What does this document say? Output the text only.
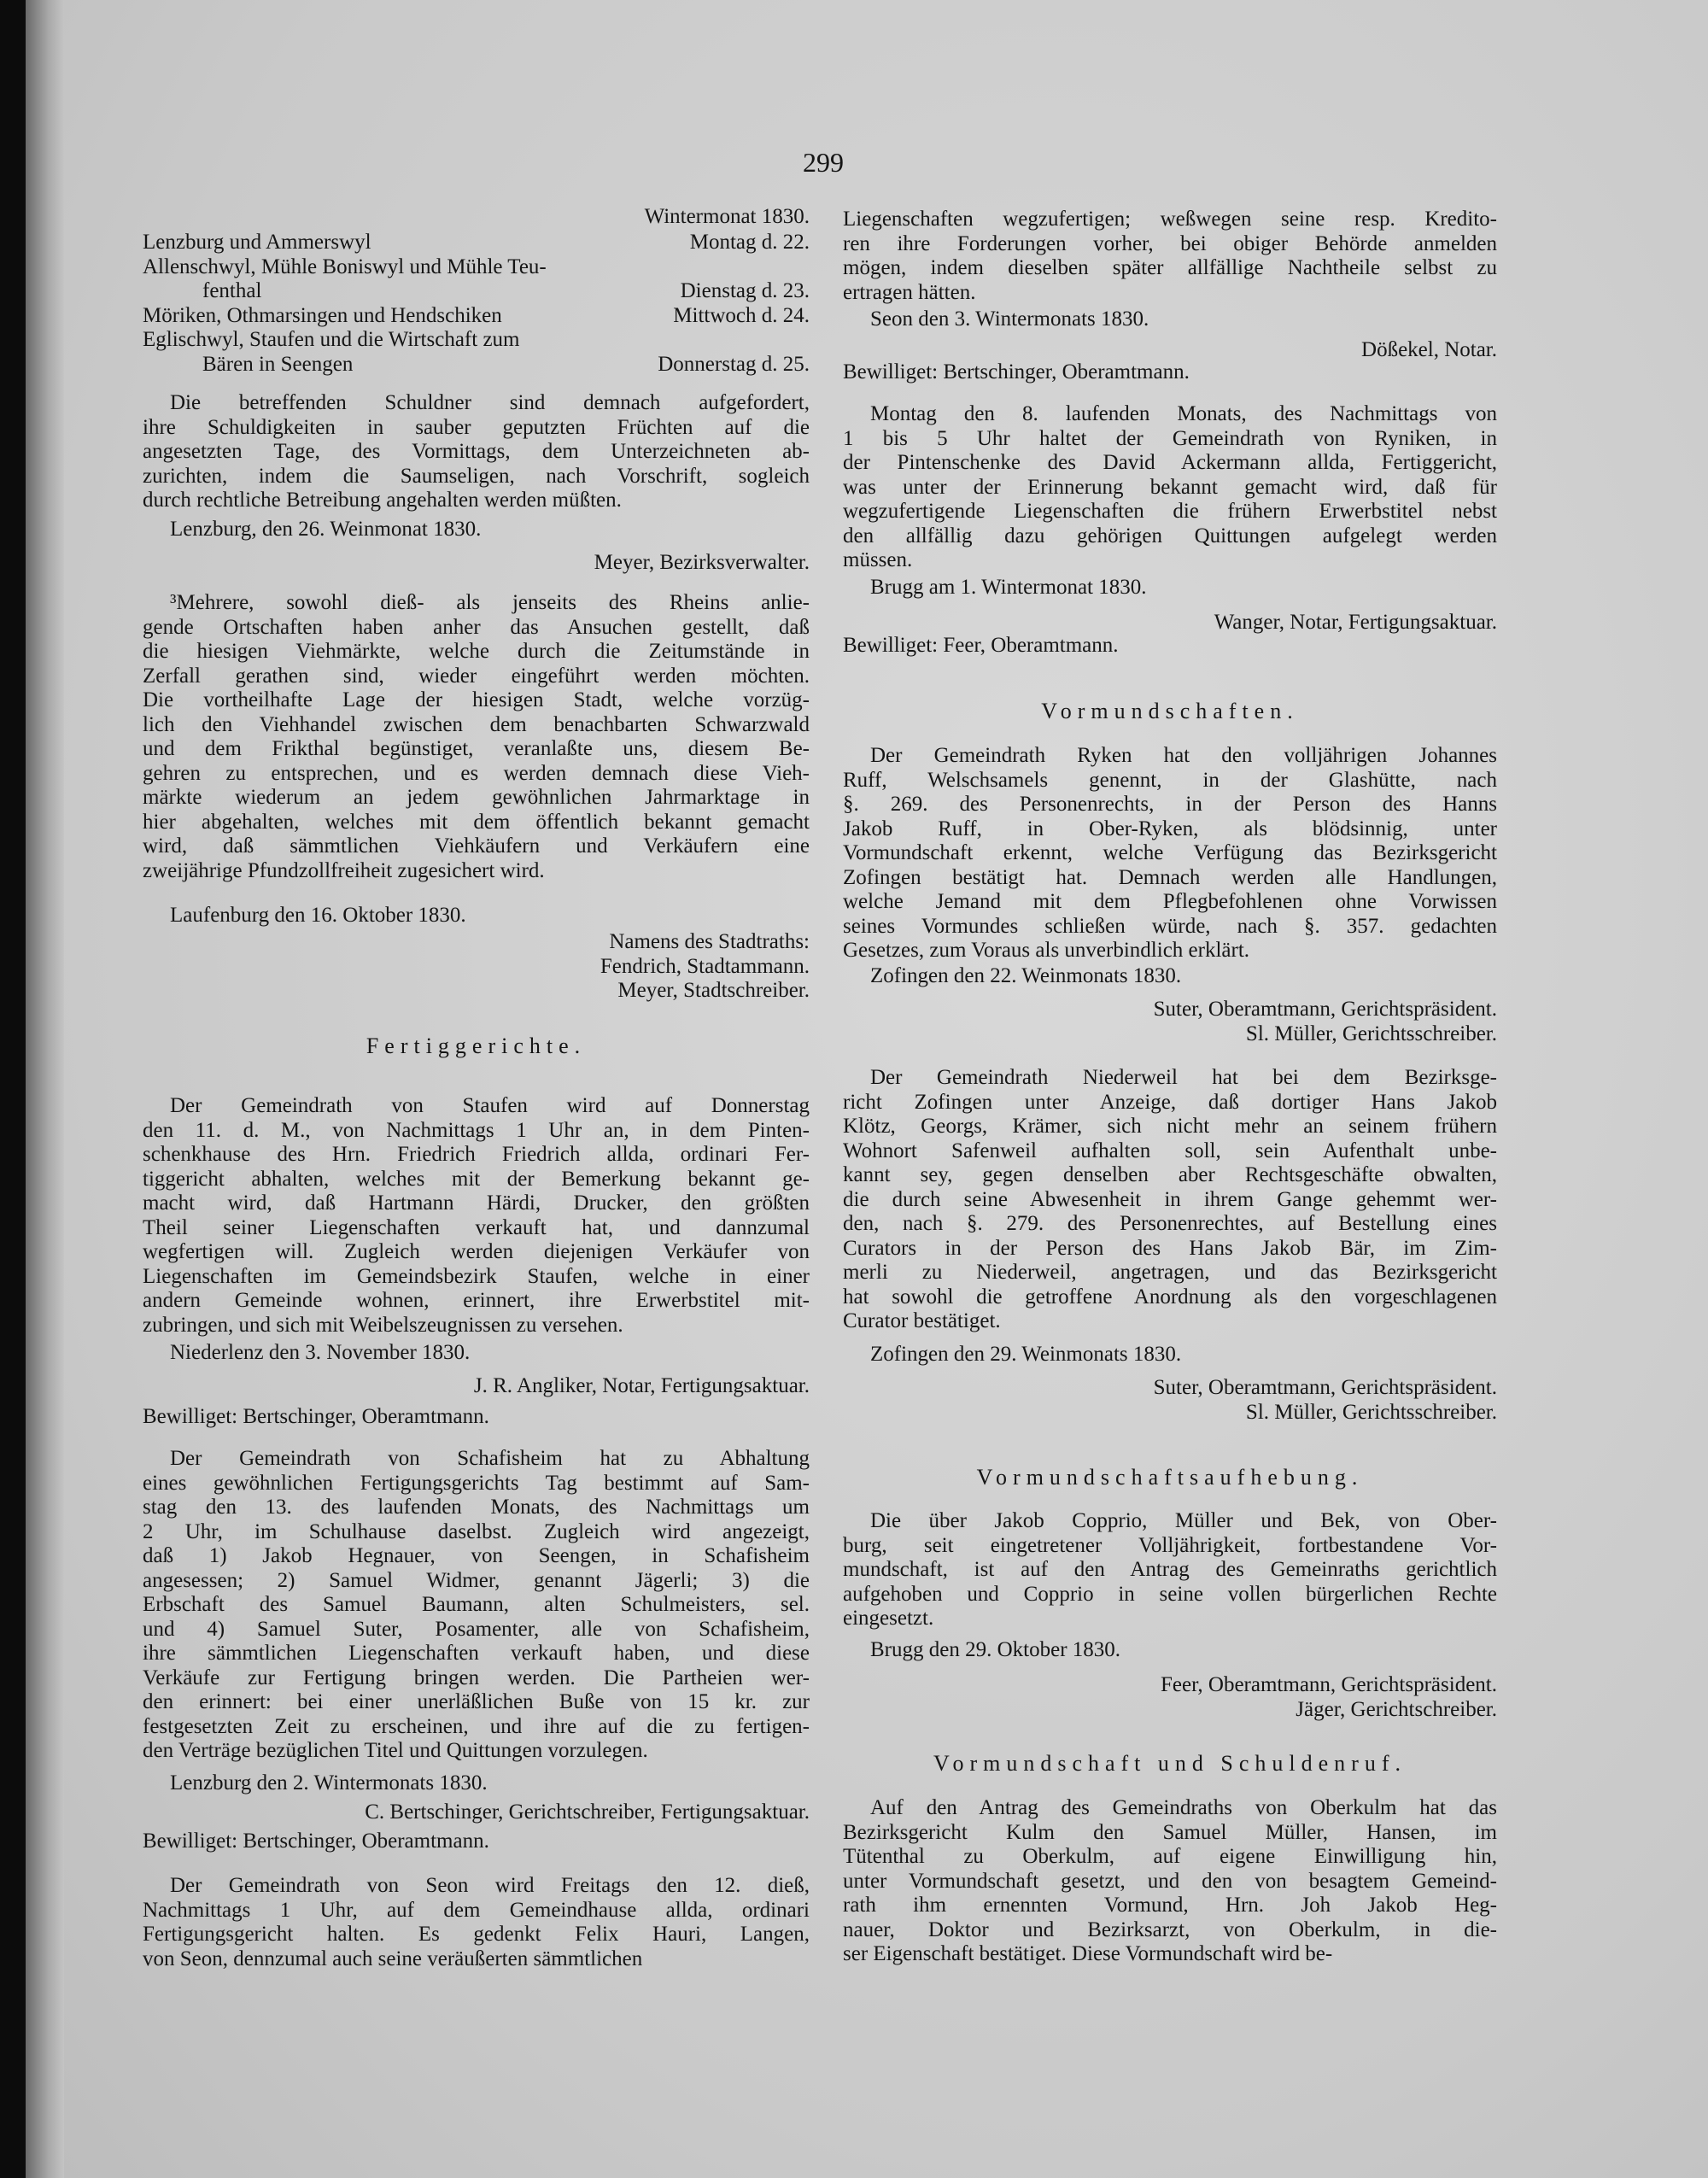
299
Wintermonat 1830.
Lenzburg und Ammerswyl	Montag d. 22.
Allenschwyl, Mühle Boniswyl und Mühle Teu-
fenthal	Dienstag d. 23.
Möriken, Othmarsingen und Hendschiken	Mittwoch d. 24.
Eglischwyl, Staufen und die Wirtschaft zum
Bären in Seengen	Donnerstag d. 25.
Die betreffenden Schuldner sind demnach aufgefordert,
ihre Schuldigkeiten in sauber geputzten Früchten auf die
angesetzten Tage, des Vormittags, dem Unterzeichneten ab-
zurichten, indem die Saumseligen, nach Vorschrift, sogleich
durch rechtliche Betreibung angehalten werden müßten.
Lenzburg, den 26. Weinmonat 1830.
Meyer, Bezirksverwalter.
³Mehrere, sowohl dieß- als jenseits des Rheins anlie-
gende Ortschaften haben anher das Ansuchen gestellt, daß
die hiesigen Viehmärkte, welche durch die Zeitumstände in
Zerfall gerathen sind, wieder eingeführt werden möchten.
Die vortheilhafte Lage der hiesigen Stadt, welche vorzüg-
lich den Viehhandel zwischen dem benachbarten Schwarzwald
und dem Frikthal begünstiget, veranlaßte uns, diesem Be-
gehren zu entsprechen, und es werden demnach diese Vieh-
märkte wiederum an jedem gewöhnlichen Jahrmarktage in
hier abgehalten, welches mit dem öffentlich bekannt gemacht
wird, daß sämmtlichen Viehkäufern und Verkäufern eine
zweijährige Pfundzollfreiheit zugesichert wird.
Laufenburg den 16. Oktober 1830.
Namens des Stadtraths:
Fendrich, Stadtammann.
Meyer, Stadtschreiber.
Fertiggerichte.
Der Gemeindrath von Staufen wird auf Donnerstag
den 11. d. M., von Nachmittags 1 Uhr an, in dem Pinten-
schenkhause des Hrn. Friedrich Friedrich allda, ordinari Fer-
tiggericht abhalten, welches mit der Bemerkung bekannt ge-
macht wird, daß Hartmann Härdi, Drucker, den größten
Theil seiner Liegenschaften verkauft hat, und dannzumal
wegfertigen will. Zugleich werden diejenigen Verkäufer von
Liegenschaften im Gemeindsbezirk Staufen, welche in einer
andern Gemeinde wohnen, erinnert, ihre Erwerbstitel mit-
zubringen, und sich mit Weibelszeugnissen zu versehen.
Niederlenz den 3. November 1830.
J. R. Angliker, Notar, Fertigungsaktuar.
Bewilliget: Bertschinger, Oberamtmann.
Der Gemeindrath von Schafisheim hat zu Abhaltung
eines gewöhnlichen Fertigungsgerichts Tag bestimmt auf Sam-
stag den 13. des laufenden Monats, des Nachmittags um
2 Uhr, im Schulhause daselbst. Zugleich wird angezeigt,
daß 1) Jakob Hegnauer, von Seengen, in Schafisheim
angesessen; 2) Samuel Widmer, genannt Jägerli; 3) die
Erbschaft des Samuel Baumann, alten Schulmeisters, sel.
und 4) Samuel Suter, Posamenter, alle von Schafisheim,
ihre sämmtlichen Liegenschaften verkauft haben, und diese
Verkäufe zur Fertigung bringen werden. Die Partheien wer-
den erinnert: bei einer unerläßlichen Buße von 15 kr. zur
festgesetzten Zeit zu erscheinen, und ihre auf die zu fertigen-
den Verträge bezüglichen Titel und Quittungen vorzulegen.
Lenzburg den 2. Wintermonats 1830.
C. Bertschinger, Gerichtschreiber, Fertigungsaktuar.
Bewilliget: Bertschinger, Oberamtmann.
Der Gemeindrath von Seon wird Freitags den 12. dieß,
Nachmittags 1 Uhr, auf dem Gemeindhause allda, ordinari
Fertigungsgericht halten. Es gedenkt Felix Hauri, Langen,
von Seon, dennzumal auch seine veräußerten sämmtlichen
Liegenschaften wegzufertigen; weßwegen seine resp. Kredito-
ren ihre Forderungen vorher, bei obiger Behörde anmelden
mögen, indem dieselben später allfällige Nachtheile selbst zu
ertragen hätten.
Seon den 3. Wintermonats 1830.
Dößekel, Notar.
Bewilliget: Bertschinger, Oberamtmann.
Montag den 8. laufenden Monats, des Nachmittags von
1 bis 5 Uhr haltet der Gemeindrath von Ryniken, in
der Pintenschenke des David Ackermann allda, Fertiggericht,
was unter der Erinnerung bekannt gemacht wird, daß für
wegzufertigende Liegenschaften die frühern Erwerbstitel nebst
den allfällig dazu gehörigen Quittungen aufgelegt werden
müssen.
Brugg am 1. Wintermonat 1830.
Wanger, Notar, Fertigungsaktuar.
Bewilliget: Feer, Oberamtmann.
Vormundschaften.
Der Gemeindrath Ryken hat den volljährigen Johannes
Ruff, Welschsamels genennt, in der Glashütte, nach
§. 269. des Personenrechts, in der Person des Hanns
Jakob Ruff, in Ober-Ryken, als blödsinnig, unter
Vormundschaft erkennt, welche Verfügung das Bezirksgericht
Zofingen bestätigt hat. Demnach werden alle Handlungen,
welche Jemand mit dem Pflegbefohlenen ohne Vorwissen
seines Vormundes schließen würde, nach §. 357. gedachten
Gesetzes, zum Voraus als unverbindlich erklärt.
Zofingen den 22. Weinmonats 1830.
Suter, Oberamtmann, Gerichtspräsident.
Sl. Müller, Gerichtsschreiber.
Der Gemeindrath Niederweil hat bei dem Bezirksge-
richt Zofingen unter Anzeige, daß dortiger Hans Jakob
Klötz, Georgs, Krämer, sich nicht mehr an seinem frühern
Wohnort Safenweil aufhalten soll, sein Aufenthalt unbe-
kannt sey, gegen denselben aber Rechtsgeschäfte obwalten,
die durch seine Abwesenheit in ihrem Gange gehemmt wer-
den, nach §. 279. des Personenrechtes, auf Bestellung eines
Curators in der Person des Hans Jakob Bär, im Zim-
merli zu Niederweil, angetragen, und das Bezirksgericht
hat sowohl die getroffene Anordnung als den vorgeschlagenen
Curator bestätiget.
Zofingen den 29. Weinmonats 1830.
Suter, Oberamtmann, Gerichtspräsident.
Sl. Müller, Gerichtsschreiber.
Vormundschaftsaufhebung.
Die über Jakob Copprio, Müller und Bek, von Ober-
burg, seit eingetretener Volljährigkeit, fortbestandene Vor-
mundschaft, ist auf den Antrag des Gemeinraths gerichtlich
aufgehoben und Copprio in seine vollen bürgerlichen Rechte
eingesetzt.
Brugg den 29. Oktober 1830.
Feer, Oberamtmann, Gerichtspräsident.
Jäger, Gerichtschreiber.
Vormundschaft und Schuldenruf.
Auf den Antrag des Gemeindraths von Oberkulm hat das
Bezirksgericht Kulm den Samuel Müller, Hansen, im
Tütenthal zu Oberkulm, auf eigene Einwilligung hin,
unter Vormundschaft gesetzt, und den von besagtem Gemeind-
rath ihm ernennten Vormund, Hrn. Joh Jakob Heg-
nauer, Doktor und Bezirksarzt, von Oberkulm, in die-
ser Eigenschaft bestätiget. Diese Vormundschaft wird be-
